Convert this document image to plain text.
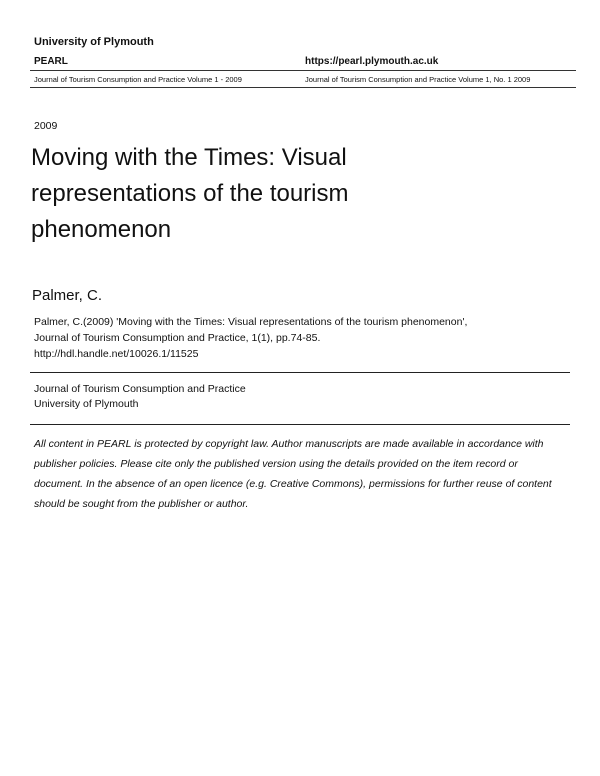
University of Plymouth
PEARL	https://pearl.plymouth.ac.uk
Journal of Tourism Consumption and Practice Volume 1 - 2009	Journal of Tourism Consumption and Practice Volume 1, No. 1 2009
2009
Moving with the Times: Visual
representations of the tourism
phenomenon
Palmer, C.
Palmer, C.(2009) 'Moving with the Times: Visual representations of the tourism phenomenon',
Journal of Tourism Consumption and Practice, 1(1), pp.74-85.
http://hdl.handle.net/10026.1/11525
Journal of Tourism Consumption and Practice
University of Plymouth
All content in PEARL is protected by copyright law. Author manuscripts are made available in accordance with
publisher policies. Please cite only the published version using the details provided on the item record or
document. In the absence of an open licence (e.g. Creative Commons), permissions for further reuse of content
should be sought from the publisher or author.
